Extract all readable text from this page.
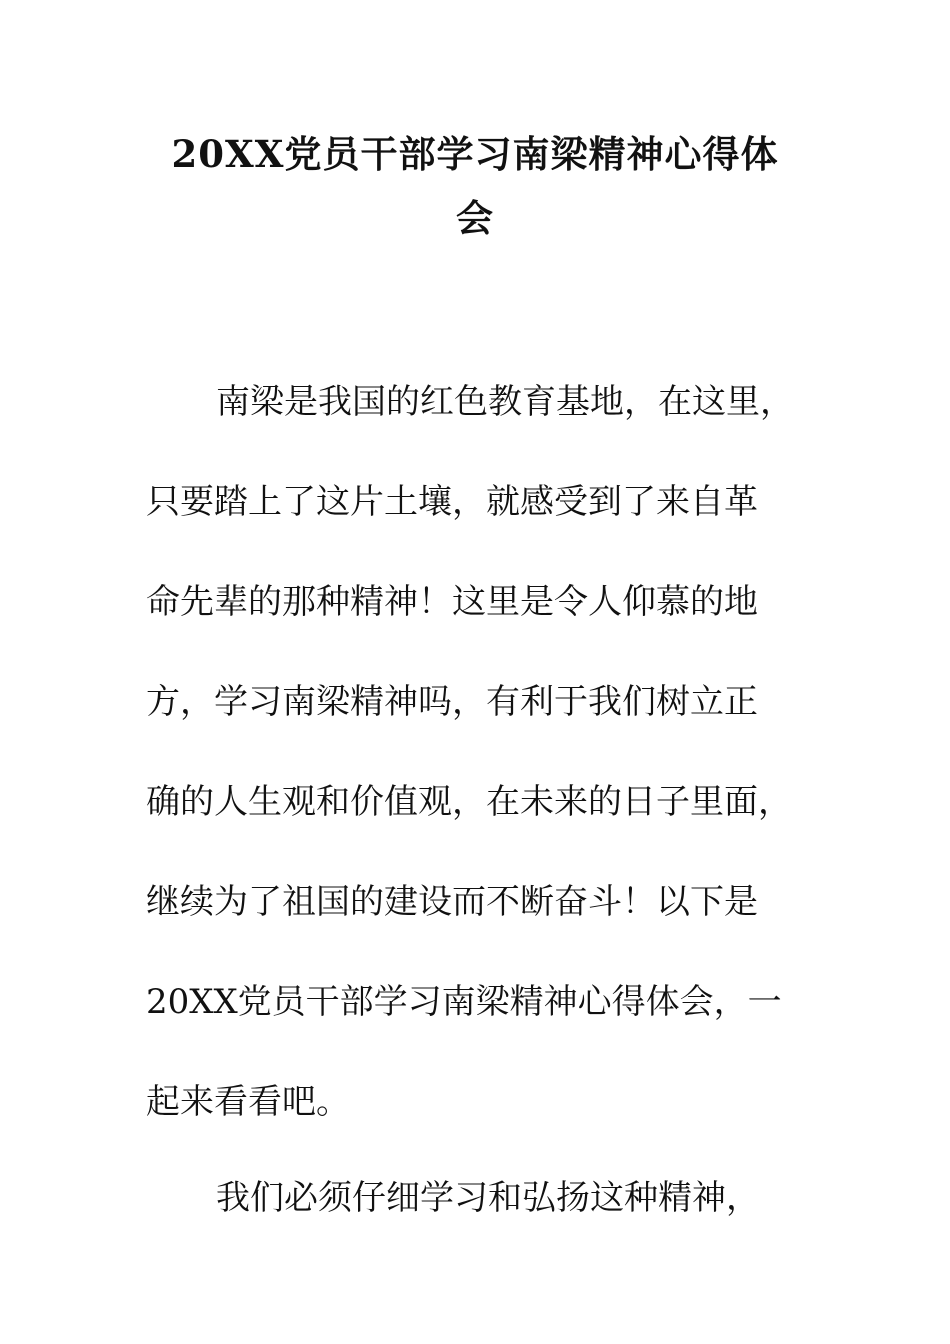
20XX党员干部学习南梁精神心得体
会
南梁是我国的红色教育基地，在这里，
只要踏上了这片土壤，就感受到了来自革
命先辈的那种精神！这里是令人仰慕的地
方，学习南梁精神吗，有利于我们树立正
确的人生观和价值观，在未来的日子里面，
继续为了祖国的建设而不断奋斗！以下是
20XX党员干部学习南梁精神心得体会，一
起来看看吧。
我们必须仔细学习和弘扬这种精神，
